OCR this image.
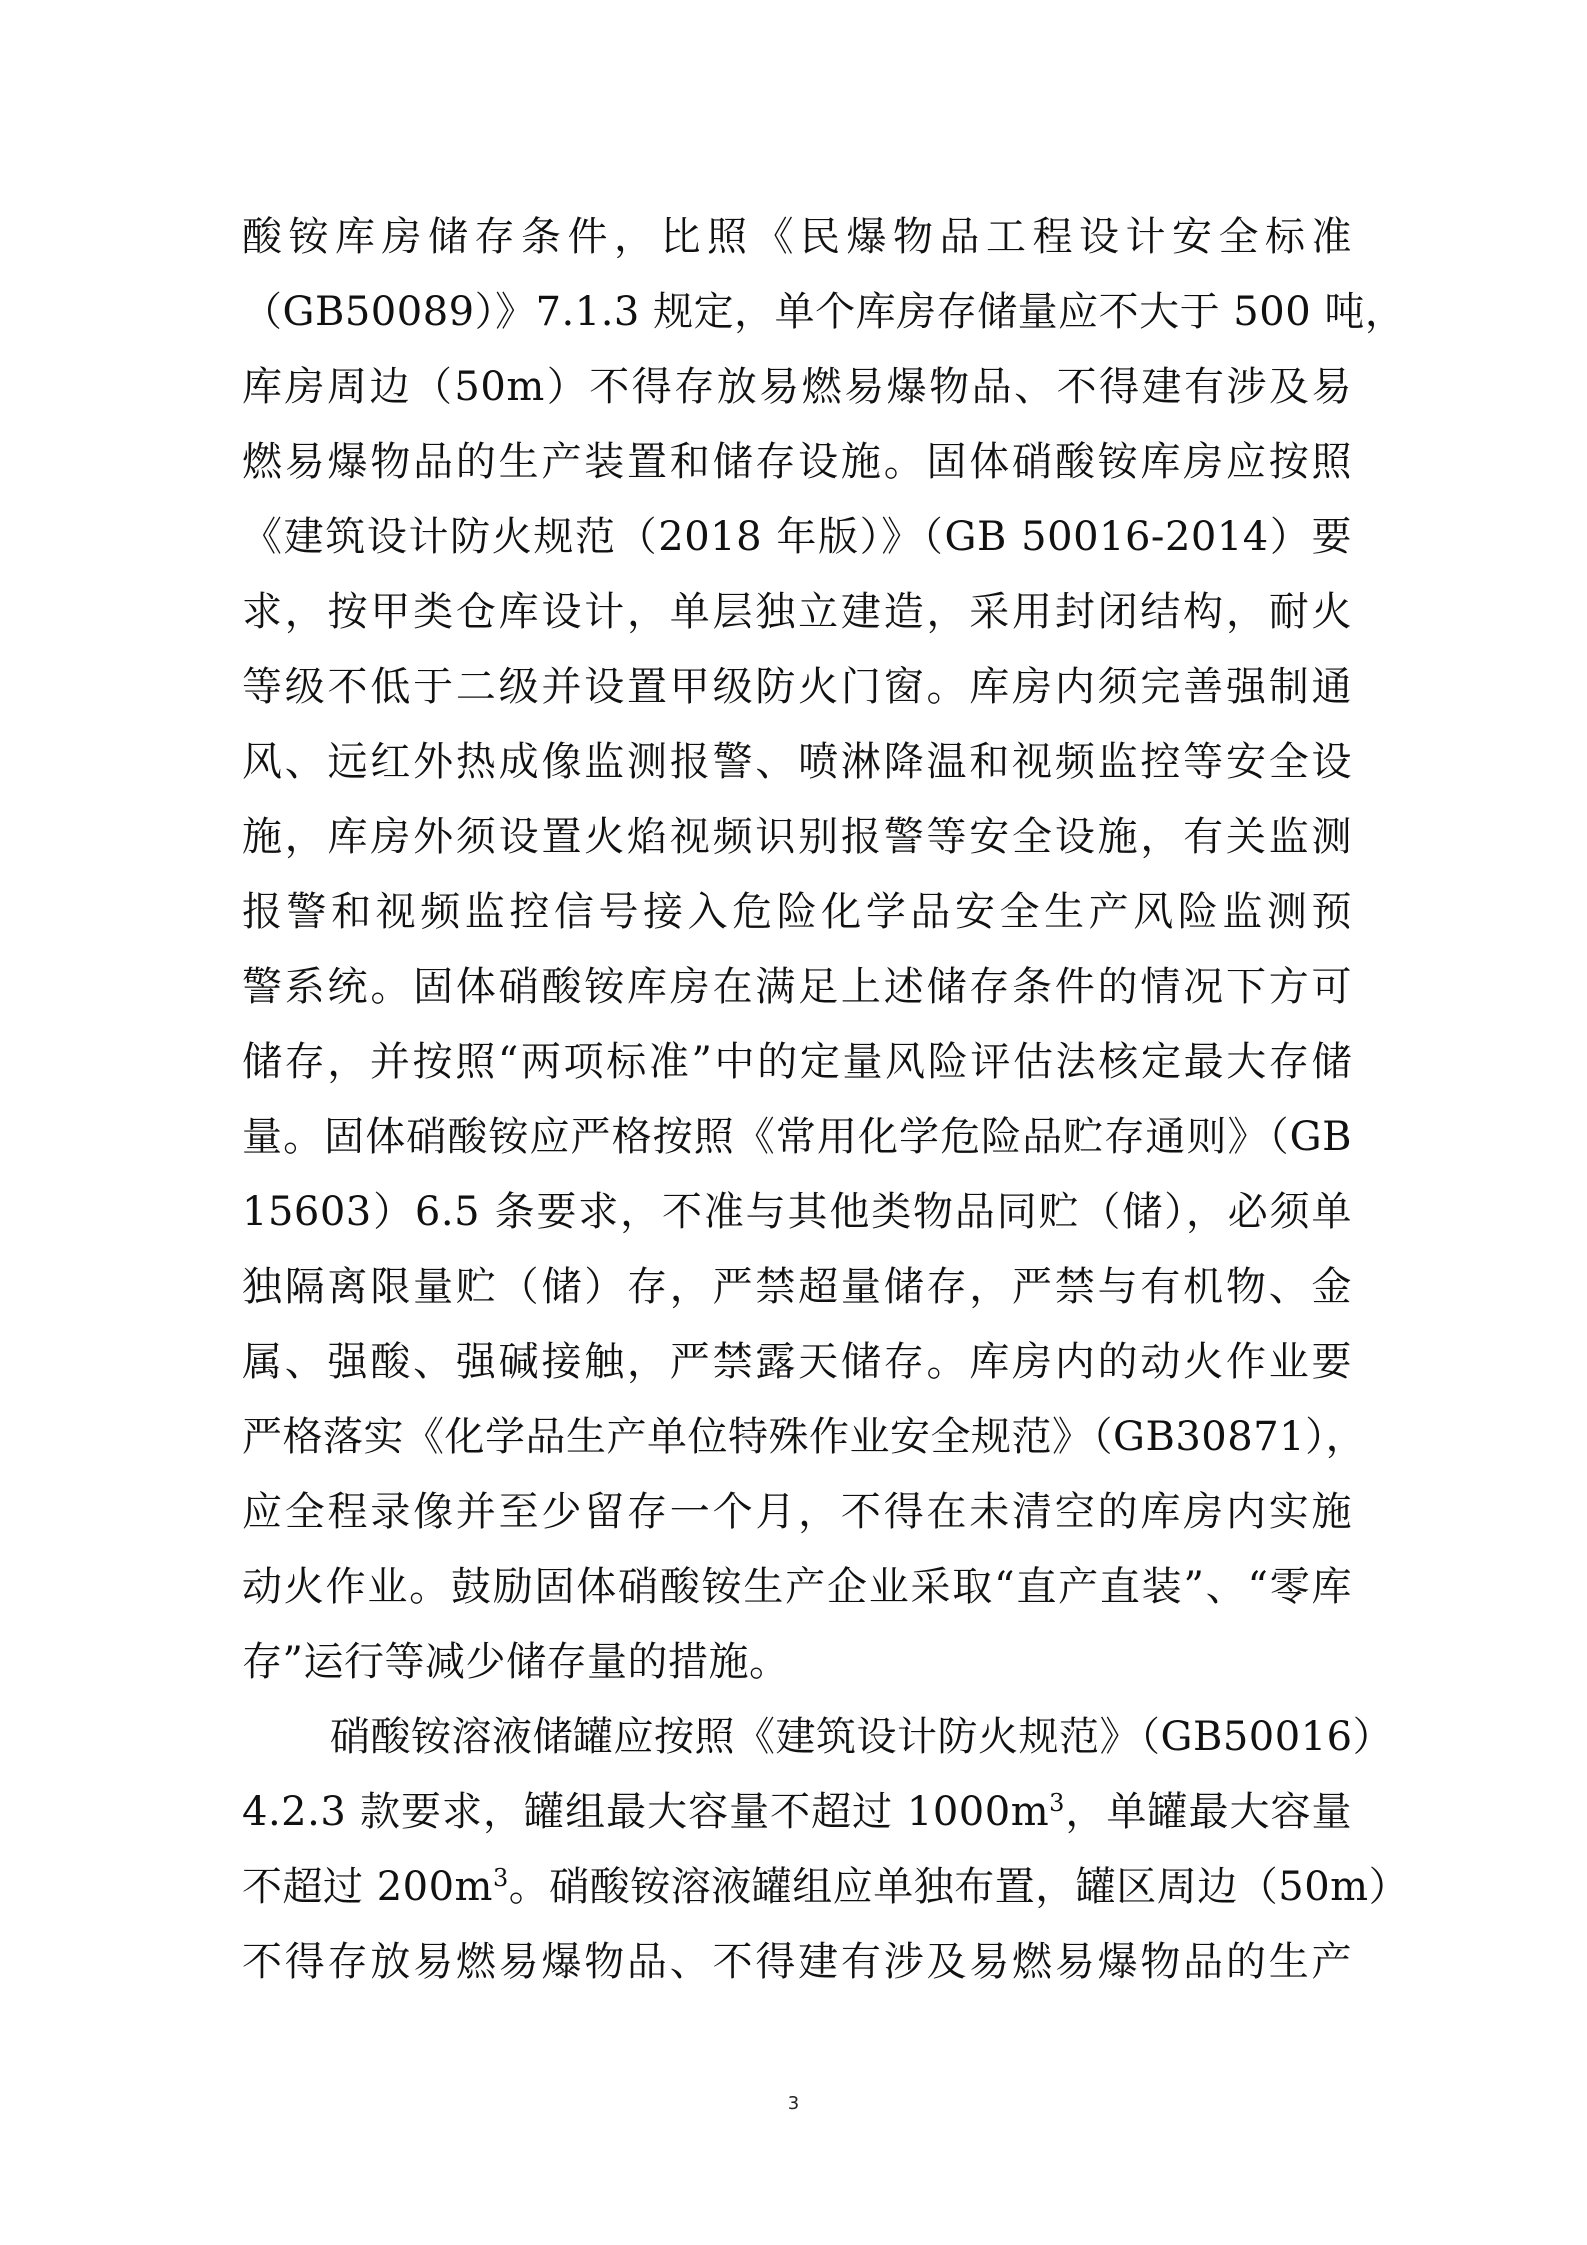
酸铵库房储存条件，比照《民爆物品工程设计安全标准
（GB50089）》7.1.3 规定，单个库房存储量应不大于 500 吨，
库房周边（50m）不得存放易燃易爆物品、不得建有涉及易
燃易爆物品的生产装置和储存设施。固体硝酸铵库房应按照
《建筑设计防火规范（2018 年版）》（GB 50016-2014）要
求，按甲类仓库设计，单层独立建造，采用封闭结构，耐火
等级不低于二级并设置甲级防火门窗。库房内须完善强制通
风、远红外热成像监测报警、喷淋降温和视频监控等安全设
施，库房外须设置火焰视频识别报警等安全设施，有关监测
报警和视频监控信号接入危险化学品安全生产风险监测预
警系统。固体硝酸铵库房在满足上述储存条件的情况下方可
储存，并按照“两项标准”中的定量风险评估法核定最大存储
量。固体硝酸铵应严格按照《常用化学危险品贮存通则》（GB
15603）6.5 条要求，不准与其他类物品同贮（储），必须单
独隔离限量贮（储）存，严禁超量储存，严禁与有机物、金
属、强酸、强碱接触，严禁露天储存。库房内的动火作业要
严格落实《化学品生产单位特殊作业安全规范》（GB30871），
应全程录像并至少留存一个月，不得在未清空的库房内实施
动火作业。鼓励固体硝酸铵生产企业采取“直产直装”、“零库
存”运行等减少储存量的措施。
硝酸铵溶液储罐应按照《建筑设计防火规范》（GB50016）
4.2.3 款要求，罐组最大容量不超过 $1000m^3$，单罐最大容量
不超过 $200m^3$。硝酸铵溶液罐组应单独布置，罐区周边（50m）
不得存放易燃易爆物品、不得建有涉及易燃易爆物品的生产
3
